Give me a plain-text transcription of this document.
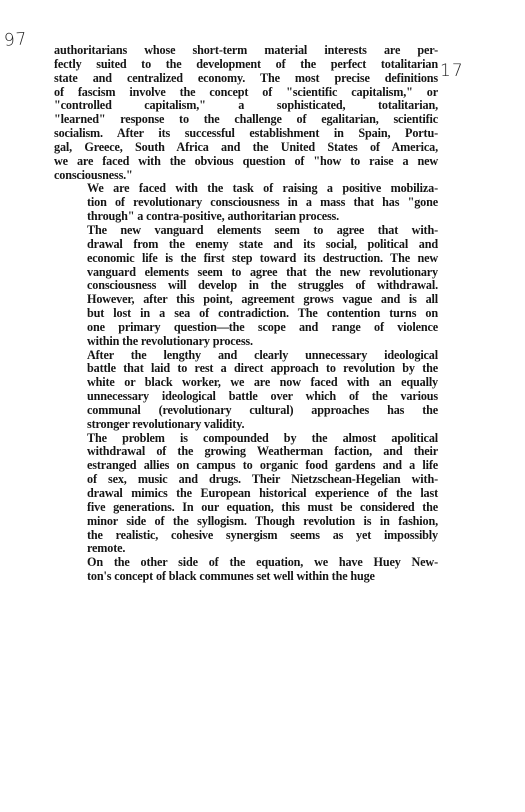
97
17

authoritarians whose short-term material interests are per-
fectly suited to the development of the perfect totalitarian
state and centralized economy. The most precise definitions
of fascism involve the concept of "scientific capitalism," or
"controlled capitalism," a sophisticated, totalitarian,
"learned" response to the challenge of egalitarian, scientific
socialism. After its successful establishment in Spain, Portu-
gal, Greece, South Africa and the United States of America,
we are faced with the obvious question of "how to raise a new
consciousness."

We are faced with the task of raising a positive mobiliza-
tion of revolutionary consciousness in a mass that has "gone
through" a contra-positive, authoritarian process.

The new vanguard elements seem to agree that with-
drawal from the enemy state and its social, political and
economic life is the first step toward its destruction. The new
vanguard elements seem to agree that the new revolutionary
consciousness will develop in the struggles of withdrawal.
However, after this point, agreement grows vague and is all
but lost in a sea of contradiction. The contention turns on
one primary question—the scope and range of violence
within the revolutionary process.

After the lengthy and clearly unnecessary ideological
battle that laid to rest a direct approach to revolution by the
white or black worker, we are now faced with an equally
unnecessary ideological battle over which of the various
communal (revolutionary cultural) approaches has the
stronger revolutionary validity.

The problem is compounded by the almost apolitical
withdrawal of the growing Weatherman faction, and their
estranged allies on campus to organic food gardens and a life
of sex, music and drugs. Their Nietzschean-Hegelian with-
drawal mimics the European historical experience of the last
five generations. In our equation, this must be considered the
minor side of the syllogism. Though revolution is in fashion,
the realistic, cohesive synergism seems as yet impossibly
remote.

On the other side of the equation, we have Huey New-
ton's concept of black communes set well within the huge
